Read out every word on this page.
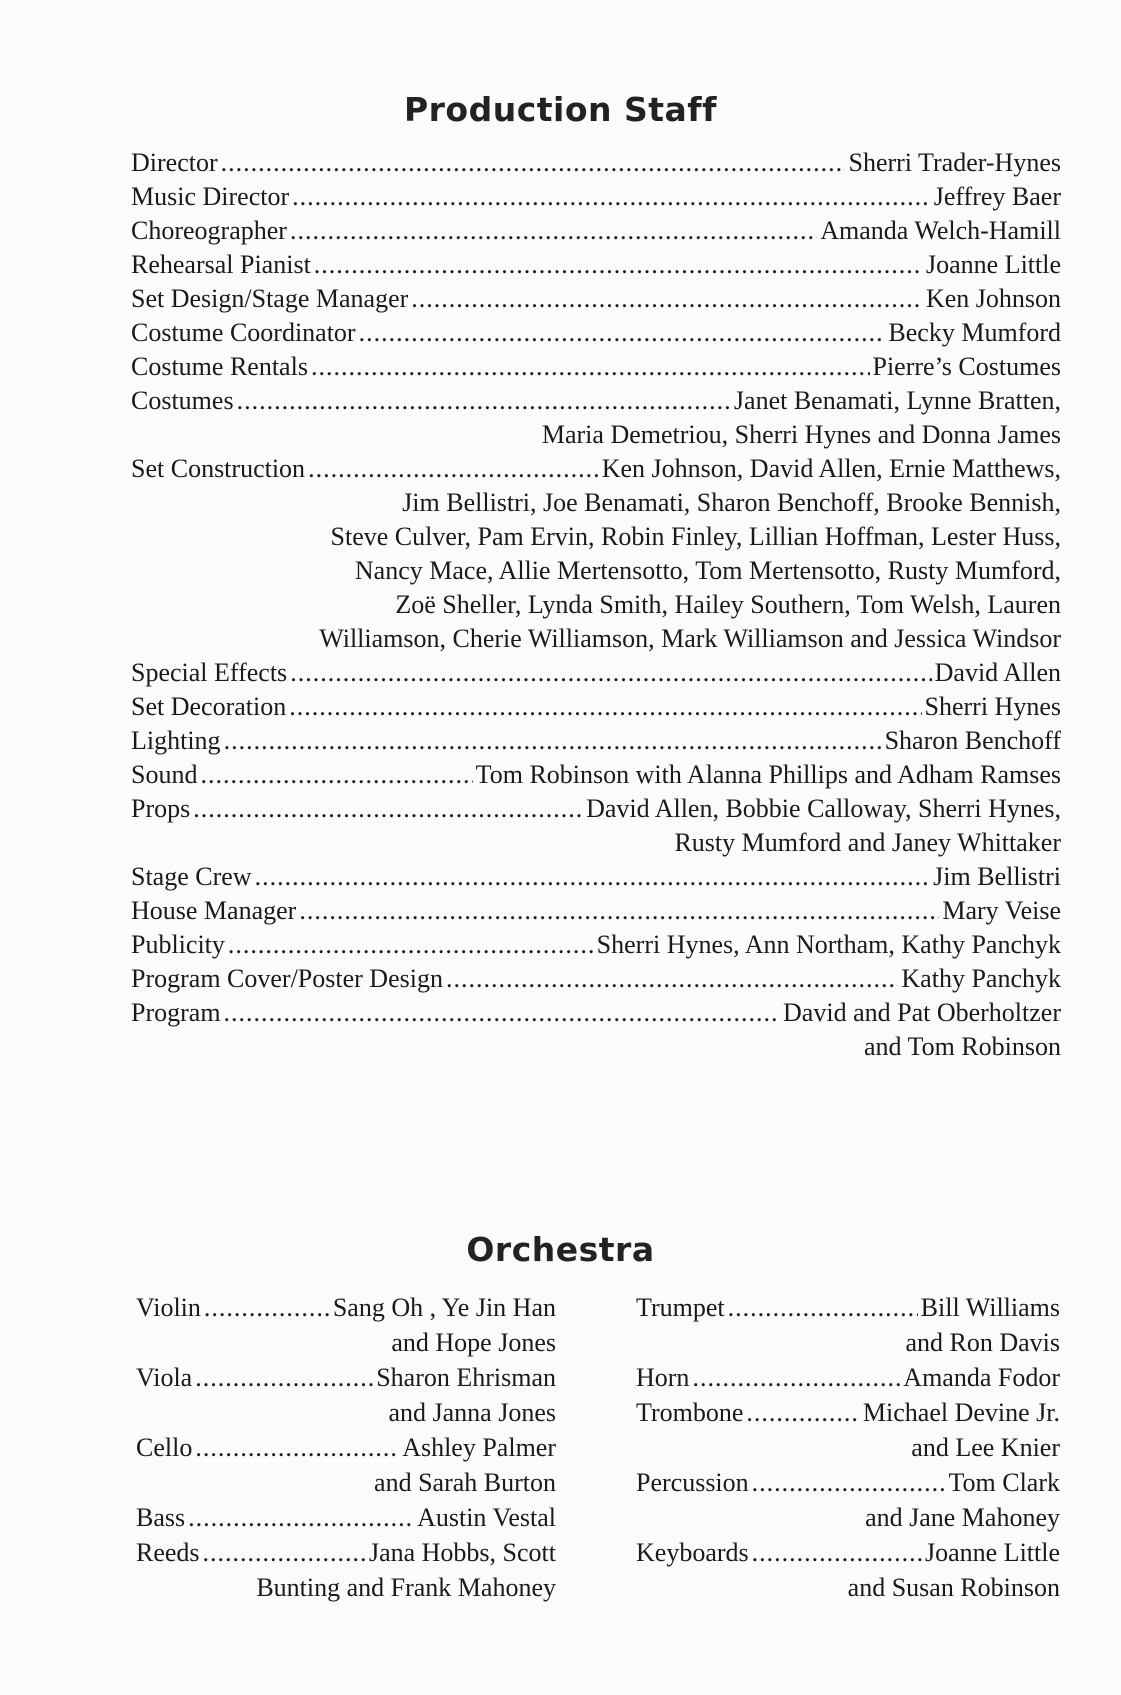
Production Staff
Director .....	Sherri Trader-Hynes
Music Director .....	Jeffrey Baer
Choreographer .....	Amanda Welch-Hamill
Rehearsal Pianist .....	Joanne Little
Set Design/Stage Manager .....	Ken Johnson
Costume Coordinator .....	Becky Mumford
Costume Rentals .....	Pierre’s Costumes
Costumes .....	Janet Benamati, Lynne Bratten,
Maria Demetriou, Sherri Hynes and Donna James
Set Construction .....	Ken Johnson, David Allen, Ernie Matthews,
Jim Bellistri, Joe Benamati, Sharon Benchoff, Brooke Bennish,
Steve Culver, Pam Ervin, Robin Finley, Lillian Hoffman, Lester Huss,
Nancy Mace, Allie Mertensotto, Tom Mertensotto, Rusty Mumford,
Zoë Sheller, Lynda Smith, Hailey Southern, Tom Welsh, Lauren
Williamson, Cherie Williamson, Mark Williamson and Jessica Windsor
Special Effects .....	David Allen
Set Decoration .....	Sherri Hynes
Lighting .....	Sharon Benchoff
Sound .....	Tom Robinson with Alanna Phillips and Adham Ramses
Props .....	David Allen, Bobbie Calloway, Sherri Hynes,
Rusty Mumford and Janey Whittaker
Stage Crew .....	Jim Bellistri
House Manager .....	Mary Veise
Publicity .....	Sherri Hynes, Ann Northam, Kathy Panchyk
Program Cover/Poster Design .....	Kathy Panchyk
Program .....	David and Pat Oberholtzer
and Tom Robinson
Orchestra
Violin .....	Sang Oh , Ye Jin Han
and Hope Jones
Viola .....	Sharon Ehrisman
and Janna Jones
Cello .....	Ashley Palmer
and Sarah Burton
Bass .....	Austin Vestal
Reeds .....	Jana Hobbs, Scott
Bunting and Frank Mahoney
Trumpet .....	Bill Williams
and Ron Davis
Horn .....	Amanda Fodor
Trombone .....	Michael Devine Jr.
and Lee Knier
Percussion .....	Tom Clark
and Jane Mahoney
Keyboards .....	Joanne Little
and Susan Robinson
